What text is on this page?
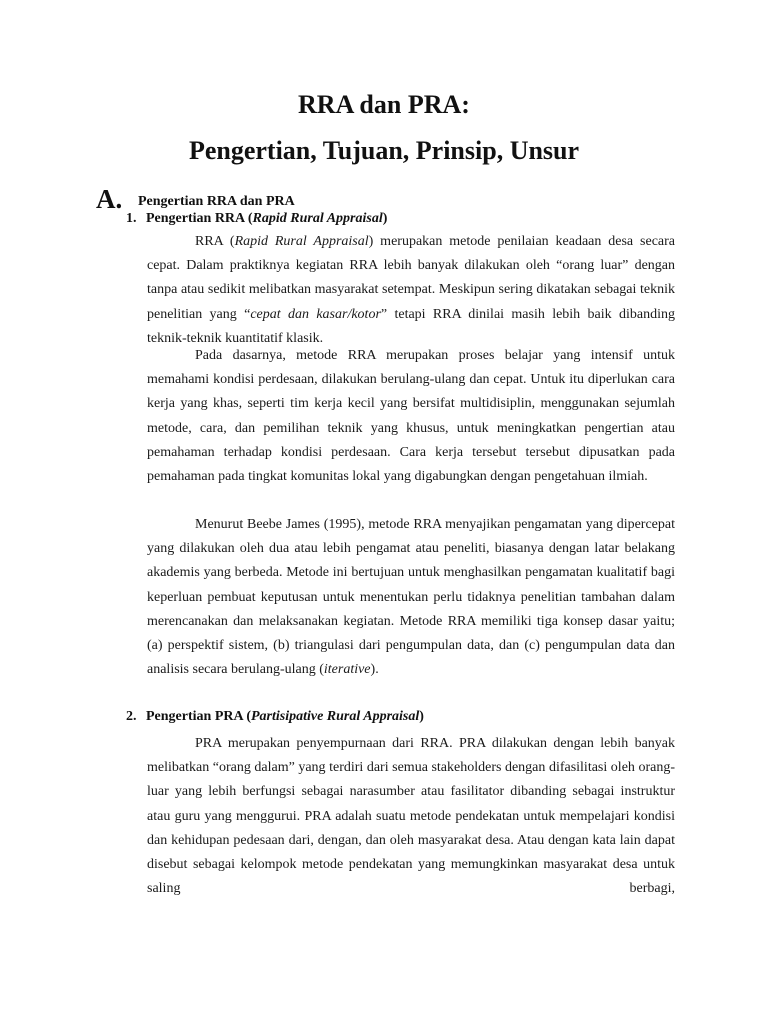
RRA dan PRA:
Pengertian, Tujuan, Prinsip, Unsur
A. Pengertian RRA dan PRA
1. Pengertian RRA (Rapid Rural Appraisal)

RRA (Rapid Rural Appraisal) merupakan metode penilaian keadaan desa secara cepat. Dalam praktiknya kegiatan RRA lebih banyak dilakukan oleh “orang luar” dengan tanpa atau sedikit melibatkan masyarakat setempat. Meskipun sering dikatakan sebagai teknik penelitian yang “cepat dan kasar/kotor” tetapi RRA dinilai masih lebih baik dibanding teknik-teknik kuantitatif klasik.

Pada dasarnya, metode RRA merupakan proses belajar yang intensif untuk memahami kondisi perdesaan, dilakukan berulang-ulang dan cepat. Untuk itu diperlukan cara kerja yang khas, seperti tim kerja kecil yang bersifat multidisiplin, menggunakan sejumlah metode, cara, dan pemilihan teknik yang khusus, untuk meningkatkan pengertian atau pemahaman terhadap kondisi perdesaan. Cara kerja tersebut tersebut dipusatkan pada pemahaman pada tingkat komunitas lokal yang digabungkan dengan pengetahuan ilmiah.

Menurut Beebe James (1995), metode RRA menyajikan pengamatan yang dipercepat yang dilakukan oleh dua atau lebih pengamat atau peneliti, biasanya dengan latar belakang akademis yang berbeda. Metode ini bertujuan untuk menghasilkan pengamatan kualitatif bagi keperluan pembuat keputusan untuk menentukan perlu tidaknya penelitian tambahan dalam merencanakan dan melaksanakan kegiatan. Metode RRA memiliki tiga konsep dasar yaitu; (a) perspektif sistem, (b) triangulasi dari pengumpulan data, dan (c) pengumpulan data dan analisis secara berulang-ulang (iterative).

2. Pengertian PRA (Partisipative Rural Appraisal)

PRA merupakan penyempurnaan dari RRA. PRA dilakukan dengan lebih banyak melibatkan “orang dalam” yang terdiri dari semua stakeholders dengan difasilitasi oleh orang-luar yang lebih berfungsi sebagai narasumber atau fasilitator dibanding sebagai instruktur atau guru yang menggurui. PRA adalah suatu metode pendekatan untuk mempelajari kondisi dan kehidupan pedesaan dari, dengan, dan oleh masyarakat desa. Atau dengan kata lain dapat disebut sebagai kelompok metode pendekatan yang memungkinkan masyarakat desa untuk saling berbagi,
